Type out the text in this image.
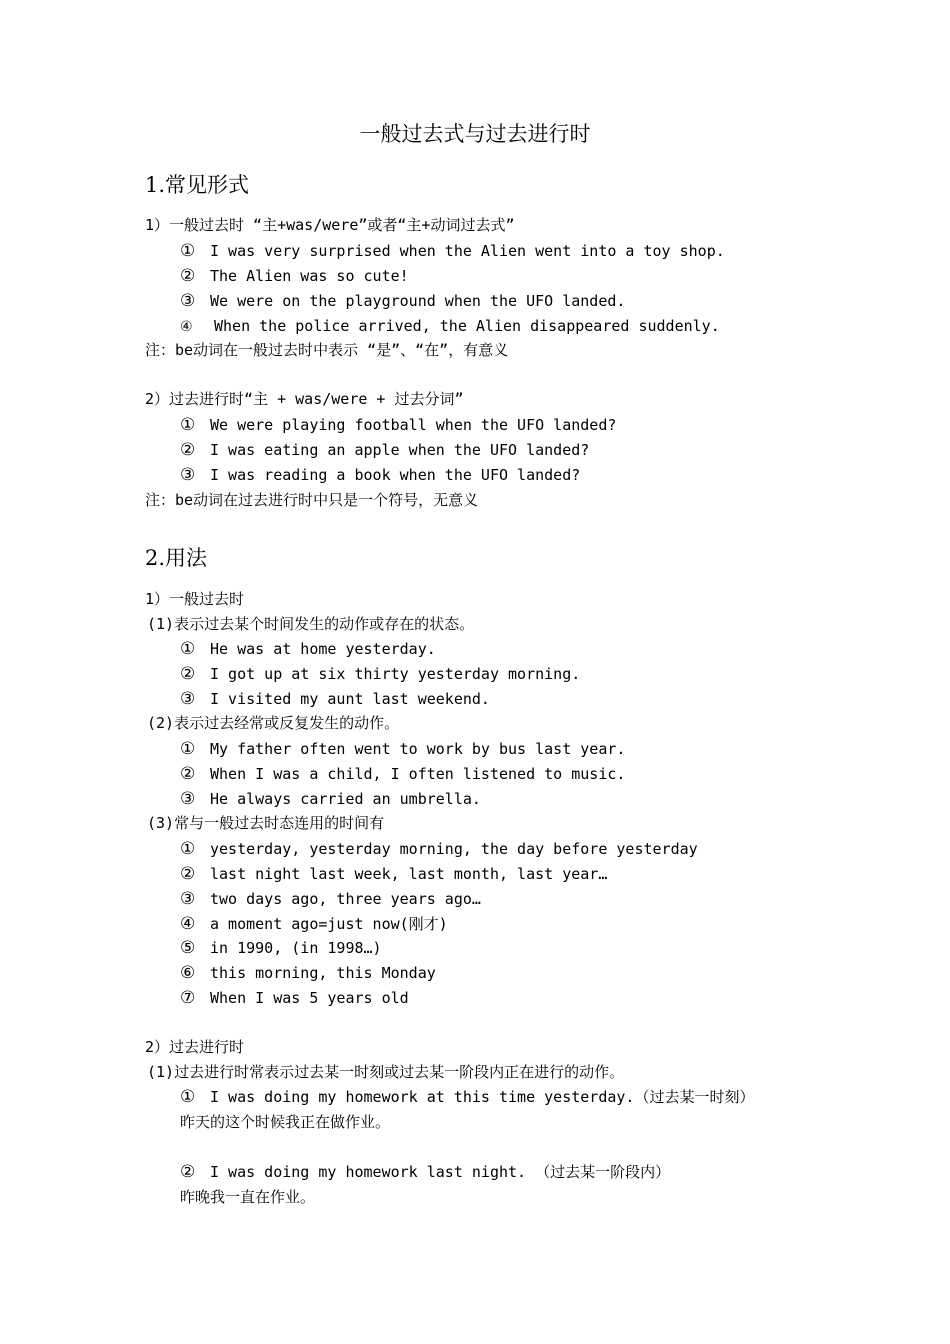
一般过去式与过去进行时
1.常见形式
1）一般过去时 “主+was/were”或者“主+动词过去式”
① I was very surprised when the Alien went into a toy shop.
② The Alien was so cute!
③ We were on the playground when the UFO landed.
④ When the police arrived, the Alien disappeared suddenly.
注：be动词在一般过去时中表示 “是”、“在”，有意义
2）过去进行时“主 + was/were + 过去分词”
① We were playing football when the UFO landed?
② I was eating an apple when the UFO landed?
③ I was reading a book when the UFO landed?
注：be动词在过去进行时中只是一个符号，无意义
2.用法
1）一般过去时
(1)表示过去某个时间发生的动作或存在的状态。
① He was at home yesterday.
② I got up at six thirty yesterday morning.
③ I visited my aunt last weekend.
(2)表示过去经常或反复发生的动作。
① My father often went to work by bus last year.
② When I was a child, I often listened to music.
③ He always carried an umbrella.
(3)常与一般过去时态连用的时间有
① yesterday, yesterday morning, the day before yesterday
② last night last week, last month, last year…
③ two days ago, three years ago…
④ a moment ago=just now(刚才)
⑤ in 1990, (in 1998…)
⑥ this morning, this Monday
⑦ When I was 5 years old
2）过去进行时
(1)过去进行时常表示过去某一时刻或过去某一阶段内正在进行的动作。
① I was doing my homework at this time yesterday.（过去某一时刻）
昨天的这个时候我正在做作业。
② I was doing my homework last night. （过去某一阶段内）
昨晚我一直在作业。
